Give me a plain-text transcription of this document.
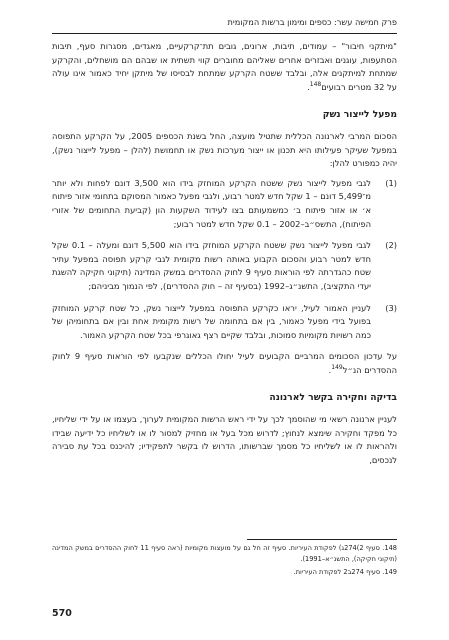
פרק חמישה עשר: כספים ומימון ברשות המקומית

"מיתקני חיבור" – עמודים, תיבות, ארונים, גובים תת־קרקעיים, מאגדים, מסגרות סעף, תיבות הסתעפות, עוגנים ואבזרים אחרים שאליהם מחוברים קווי תשתית או שבהם הם מושחלים, והקרקע שמתחת למיתקנים אלה, ובלבד ששטח הקרקע שמתחת לבסיסו של מיתקן יחיד כאמור אינו עולה על 32 מטרים רבועים$^{148}$.

מפעל לייצור נשק

הסכום המרבי לארנונה הכללית שתטיל מועצה, החל בשנת הכספים 2005, על הקרקע התפוסה במפעל שעיקר פעילותו היא תכנון או ייצור מערכות נשק או תחמושת (להלן – מפעל לייצור נשק), יהיה כמפורט להלן:

(1)
לגבי מפעל לייצור נשק ששטח הקרקע המוחזק בידו הוא 3,500 דונם לפחות ולא יותר מ־5,499 דונם – 1 שקל חדש למטר רבוע, ולגבי מפעל כאמור המסוקם בתחומי אזור פיתוח א׳ או אזור פיתוח ב׳ כמשמעותם בצו לעידוד השקעות הון (קביעת התחומים של אזורי הפיתוח), התשס״ב–2002 – 0.1 שקל חדש למטר רבוע;
(2)
לגבי מפעל לייצור נשק ששטח הקרקע המוחזק בידו הוא 5,500 דונם ומעלה – 0.1 שקל חדש למטר רבוע והסכום הקבוע באותה רשות מקומית לגבי קרקע תפוסה במפעל עתיר שטח כהגדרתה לפי הוראות סעיף 9 לחוק ההסדרים במשק המדינה (תיקוני חקיקה להשגת יעדי התקציב), התשנ״ג–1992 (בסעיף זה – חוק ההסדרים), לפי הנמוך מביניהם;
(3)
לעניין האמור לעיל, יראו כקרקע התפוסה במפעל לייצור נשק, כל שטח קרקע המוחזק בפועל בידי מפעל כאמור, בין אם בתחומה של רשות מקומית אחת ובין אם בתחומיהן של כמה רשויות מקומיות סמוכות, ובלבד שקיים רצף גאוגרפי בכל שטח הקרקע האמור.

על עדכון הסכומים המרביים הקבועים לעיל יחולו הכללים שנקבעו לפי הוראות סעיף 9 לחוק ההסדרים הנ״ל$^{149}$.

בדיקה וחקירה בקשר לארנונה

לעניין ארנונה רשאי מי שהוסמך לכך על ידי ראש הרשות המקומית לערוך, בעצמו או על ידי שליחיו, כל מפקד וחקירה שימצא לנחוץ; לדרוש מכל בעל או מחזיק למסור לו או לשליחיו כל ידיעה שבידו ולהראות לו או לשליחיו כל מסמך שברשותו, הדרוש לו בקשר לתפקידיו; להיכנס בכל עת סבירה לנכסים,

148. סעיף 2)274ג) לפקודת העיריות. סעיף זה חל גם על מועצות מקומיות (ראה סעיף 11 לחוק ההסדרים במשק המדינה (תיקוני חקיקה), התשנ״א–1991).

149. סעיף 274ב2 לפקודת העיריות.

570
